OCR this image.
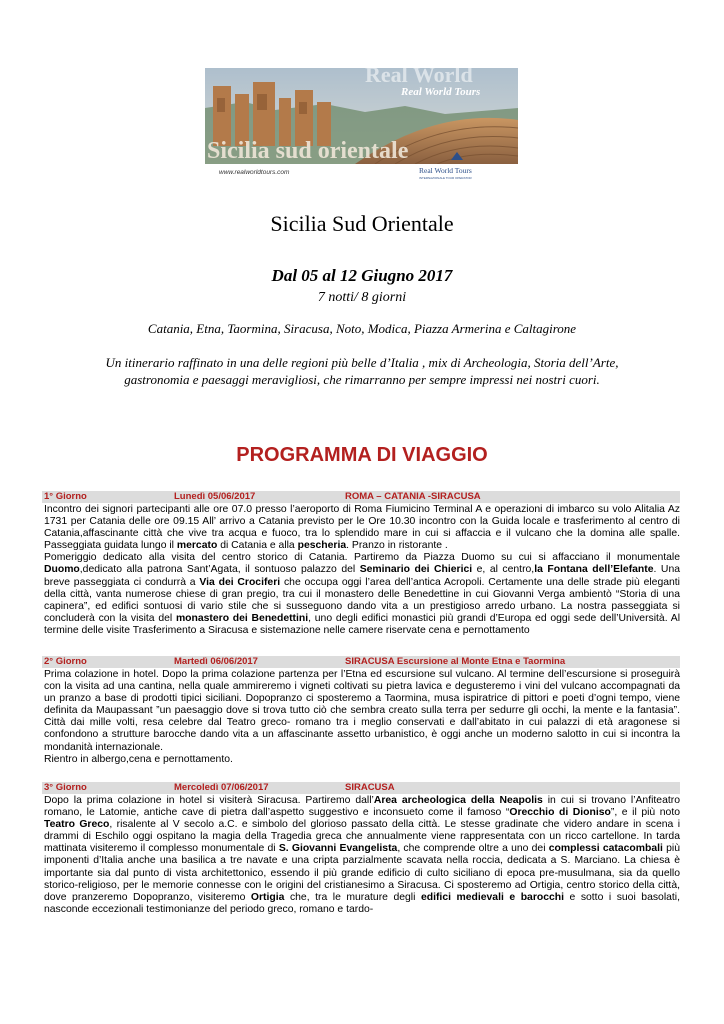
Real World
Real World Tours
Sicilia sud orientale
www.realworldtours.com	Real World Tours
INTERNAZIONALE TOUR OPERATOR
Sicilia Sud Orientale
Dal 05 al 12 Giugno 2017
7 notti/ 8 giorni
Catania, Etna, Taormina, Siracusa, Noto, Modica, Piazza Armerina e Caltagirone
Un itinerario raffinato in una delle regioni più belle d’Italia , mix di Archeologia, Storia dell’Arte,
gastronomia e paesaggi meravigliosi, che rimarranno per sempre impressi nei nostri cuori.
PROGRAMMA DI VIAGGIO
1° Giorno	Lunedì 05/06/2017	ROMA – CATANIA -SIRACUSA
Incontro dei signori partecipanti alle ore 07.0 presso l’aeroporto di Roma Fiumicino Terminal A e operazioni di imbarco su volo Alitalia Az 1731 per Catania delle ore 09.15 All’ arrivo a Catania previsto per le Ore 10.30 incontro con la Guida locale e trasferimento al centro di Catania,affascinante città che vive tra acqua e fuoco, tra lo splendido mare in cui si affaccia e il vulcano che la domina alle spalle. Passeggiata guidata lungo il mercato di Catania e alla pescheria. Pranzo in ristorante .
Pomeriggio dedicato alla visita del centro storico di Catania. Partiremo da Piazza Duomo su cui si affacciano il monumentale Duomo,dedicato alla patrona Sant’Agata, il sontuoso palazzo del Seminario dei Chierici e, al centro,la Fontana dell’Elefante. Una breve passeggiata ci condurrà a Via dei Crociferi che occupa oggi l’area dell’antica Acropoli. Certamente una delle strade più eleganti della città, vanta numerose chiese di gran pregio, tra cui il monastero delle Benedettine in cui Giovanni Verga ambientò “Storia di una capinera”, ed edifici sontuosi di vario stile che si susseguono dando vita a un prestigioso arredo urbano. La nostra passeggiata si concluderà con la visita del monastero dei Benedettini, uno degli edifici monastici più grandi d’Europa ed oggi sede dell’Università. Al termine delle visite Trasferimento a Siracusa e sistemazione nelle camere riservate cena e pernottamento
2° Giorno	Martedì 06/06/2017	SIRACUSA Escursione al Monte Etna e Taormina
Prima colazione in hotel. Dopo la prima colazione partenza per l’Etna ed escursione sul vulcano. Al termine dell’escursione si proseguirà con la visita ad una cantina, nella quale ammireremo i vigneti coltivati su pietra lavica e degusteremo i vini del vulcano accompagnati da un pranzo a base di prodotti tipici siciliani. Dopopranzo ci sposteremo a Taormina, musa ispiratrice di pittori e poeti d’ogni tempo, viene definita da Maupassant ”un paesaggio dove si trova tutto ciò che sembra creato sulla terra per sedurre gli occhi, la mente e la fantasia”. Città dai mille volti, resa celebre dal Teatro greco- romano tra i meglio conservati e dall’abitato in cui palazzi di età aragonese si confondono a strutture barocche dando vita a un affascinante assetto urbanistico, è oggi anche un moderno salotto in cui si incontra la mondanità internazionale.
Rientro in albergo,cena e pernottamento.
3° Giorno	Mercoledì 07/06/2017	SIRACUSA
Dopo la prima colazione in hotel si visiterà Siracusa. Partiremo dall’Area archeologica della Neapolis in cui si trovano l’Anfiteatro romano, le Latomie, antiche cave di pietra dall’aspetto suggestivo e inconsueto come il famoso “Orecchio di Dioniso”, e il più noto Teatro Greco, risalente al V secolo a.C. e simbolo del glorioso passato della città. Le stesse gradinate che videro andare in scena i drammi di Eschilo oggi ospitano la magia della Tragedia greca che annualmente viene rappresentata con un ricco cartellone. In tarda mattinata visiteremo il complesso monumentale di S. Giovanni Evangelista, che comprende oltre a uno dei complessi catacombali più imponenti d’Italia anche una basilica a tre navate e una cripta parzialmente scavata nella roccia, dedicata a S. Marciano. La chiesa è importante sia dal punto di vista architettonico, essendo il più grande edificio di culto siciliano di epoca pre-musulmana, sia da quello storico-religioso, per le memorie connesse con le origini del cristianesimo a Siracusa. Ci sposteremo ad Ortigia, centro storico della città, dove pranzeremo Dopopranzo, visiteremo Ortigia che, tra le murature degli edifici medievali e barocchi e sotto i suoi basolati, nasconde eccezionali testimonianze del periodo greco, romano e tardo-
